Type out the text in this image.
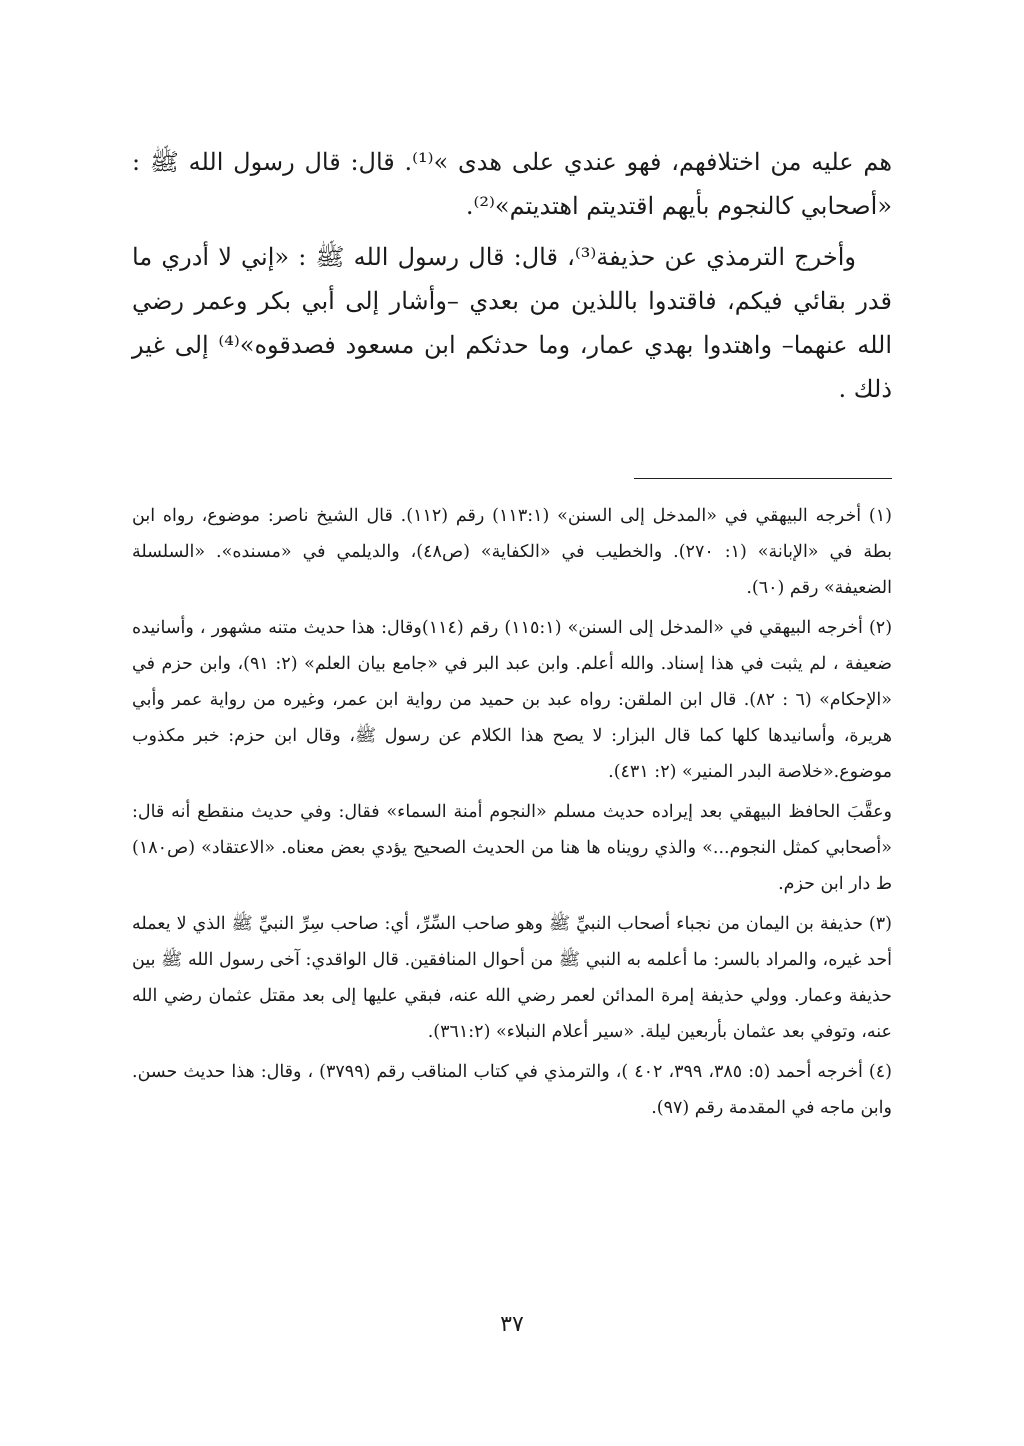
هم عليه من اختلافهم، فهو عندي على هدى »⁽¹⁾. قال: قال رسول الله ﷺ : «أصحابي كالنجوم بأيهم اقتديتم اهتديتم»⁽²⁾.

وأخرج الترمذي عن حذيفة⁽³⁾، قال: قال رسول الله ﷺ : «إني لا أدري ما قدر بقائي فيكم، فاقتدوا باللذين من بعدي –وأشار إلى أبي بكر وعمر رضي الله عنهما– واهتدوا بهدي عمار، وما حدثكم ابن مسعود فصدقوه»⁽⁴⁾ إلى غير ذلك .

(١) أخرجه البيهقي في «المدخل إلى السنن» (١١٣:١) رقم (١١٢). قال الشيخ ناصر: موضوع، رواه ابن بطة في «الإبانة» (١: ٢٧٠). والخطيب في «الكفاية» (ص٤٨)، والديلمي في «مسنده». «السلسلة الضعيفة» رقم (٦٠).

(٢) أخرجه البيهقي في «المدخل إلى السنن» (١١٥:١) رقم (١١٤)وقال: هذا حديث متنه مشهور ، وأسانيده ضعيفة ، لم يثبت في هذا إسناد. والله أعلم. وابن عبد البر في «جامع بيان العلم» (٢: ٩١)، وابن حزم في «الإحكام» (٦ : ٨٢). قال ابن الملقن: رواه عبد بن حميد من رواية ابن عمر، وغيره من رواية عمر وأبي هريرة، وأسانيدها كلها كما قال البزار: لا يصح هذا الكلام عن رسول ﷺ، وقال ابن حزم: خبر مكذوب موضوع.«خلاصة البدر المنير» (٢: ٤٣١).

وعقَّبَ الحافظ البيهقي بعد إيراده حديث مسلم «النجوم أمنة السماء» فقال: وفي حديث منقطع أنه قال: «أصحابي كمثل النجوم...» والذي رويناه ها هنا من الحديث الصحيح يؤدي بعض معناه. «الاعتقاد» (ص١٨٠) ط دار ابن حزم.

(٣) حذيفة بن اليمان من نجباء أصحاب النبيِّ ﷺ وهو صاحب السِّرِّ، أي: صاحب سِرِّ النبيِّ ﷺ الذي لا يعمله أحد غيره، والمراد بالسر: ما أعلمه به النبي ﷺ من أحوال المنافقين. قال الواقدي: آخى رسول الله ﷺ بين حذيفة وعمار. وولي حذيفة إمرة المدائن لعمر رضي الله عنه، فبقي عليها إلى بعد مقتل عثمان رضي الله عنه، وتوفي بعد عثمان بأربعين ليلة. «سير أعلام النبلاء» (٣٦١:٢).

(٤) أخرجه أحمد (٥: ٣٨٥، ٣٩٩، ٤٠٢ )، والترمذي في كتاب المناقب رقم (٣٧٩٩) ، وقال: هذا حديث حسن. وابن ماجه في المقدمة رقم (٩٧).

٣٧
